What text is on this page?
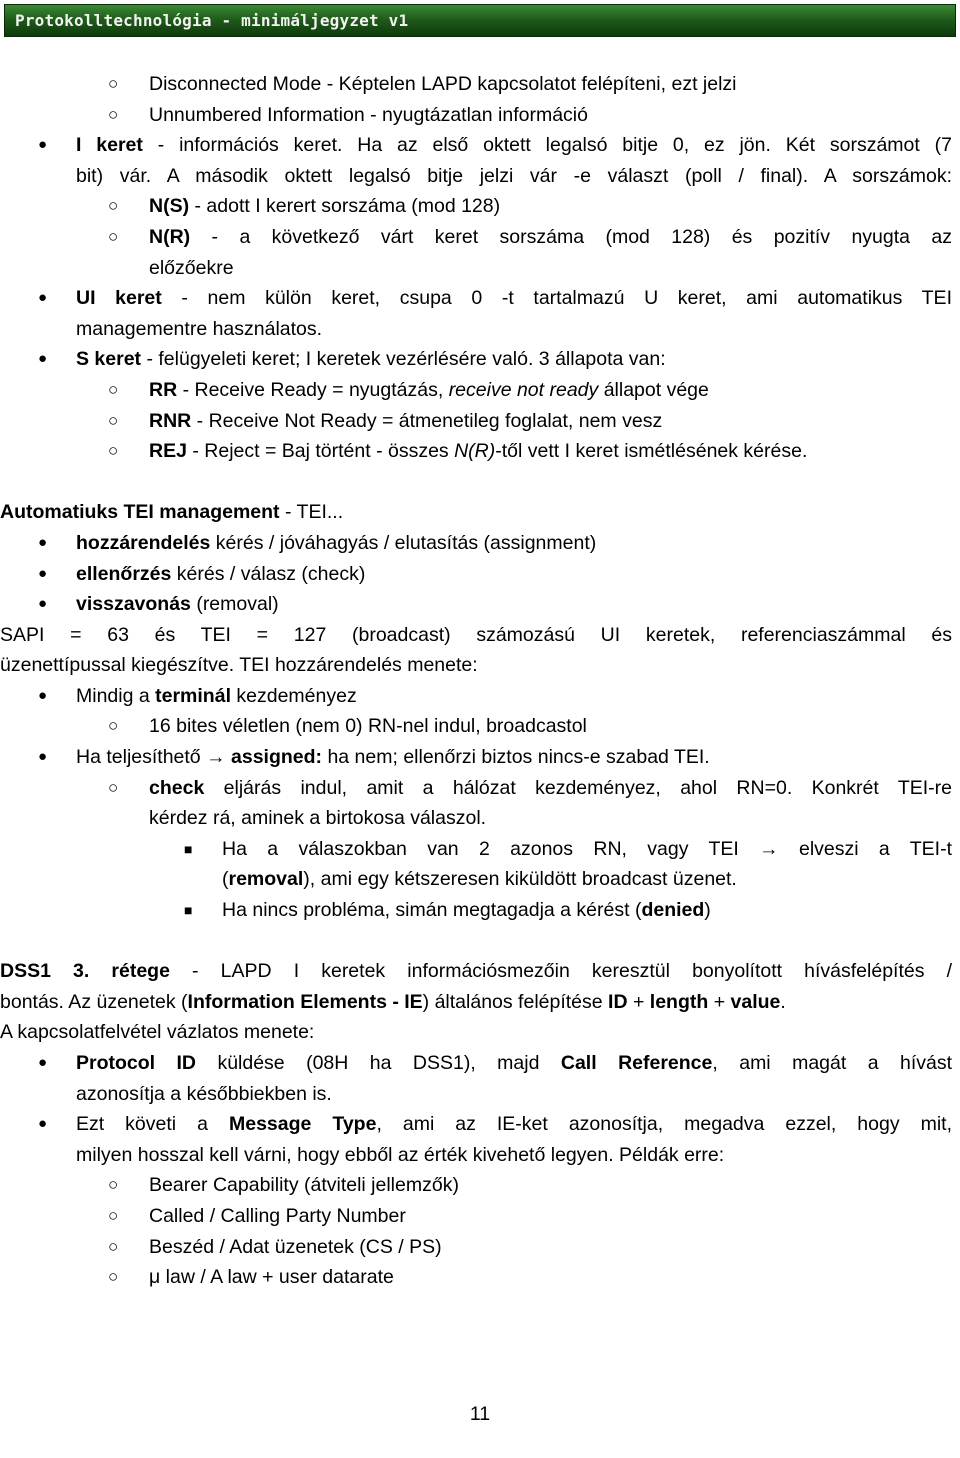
Protokolltechnológia - minimáljegyzet v1
○ Disconnected Mode - Képtelen LAPD kapcsolatot felépíteni, ezt jelzi
○ Unnumbered Information - nyugtázatlan információ
● I keret - információs keret. Ha az első oktett legalsó bitje 0, ez jön. Két sorszámot (7
bit) vár. A második oktett legalsó bitje jelzi vár -e választ (poll / final). A sorszámok:
○ N(S) - adott I kerert sorszáma (mod 128)
○ N(R) - a következő várt keret sorszáma (mod 128) és pozitív nyugta az
előzőekre
● UI keret - nem külön keret, csupa 0 -t tartalmazú U keret, ami automatikus TEI
managementre használatos.
● S keret - felügyeleti keret; I keretek vezérlésére való. 3 állapota van:
○ RR - Receive Ready = nyugtázás, receive not ready állapot vége
○ RNR - Receive Not Ready = átmenetileg foglalat, nem vesz
○ REJ - Reject = Baj történt - összes N(R)-től vett I keret ismétlésének kérése.
Automatiuks TEI management - TEI...
● hozzárendelés kérés / jóváhagyás / elutasítás (assignment)
● ellenőrzés kérés / válasz (check)
● visszavonás (removal)
SAPI = 63 és TEI = 127 (broadcast) számozású UI keretek, referenciaszámmal és
üzenettípussal kiegészítve. TEI hozzárendelés menete:
● Mindig a terminál kezdeményez
○ 16 bites véletlen (nem 0) RN-nel indul, broadcastol
● Ha teljesíthető → assigned: ha nem; ellenőrzi biztos nincs-e szabad TEI.
○ check eljárás indul, amit a hálózat kezdeményez, ahol RN=0. Konkrét TEI-re
kérdez rá, aminek a birtokosa válaszol.
■ Ha a válaszokban van 2 azonos RN, vagy TEI → elveszi a TEI-t
(removal), ami egy kétszeresen kiküldött broadcast üzenet.
■ Ha nincs probléma, simán megtagadja a kérést (denied)
DSS1 3. rétege - LAPD I keretek információsmezőin keresztül bonyolított hívásfelépítés /
bontás. Az üzenetek (Information Elements - IE) általános felépítése ID + length + value.
A kapcsolatfelvétel vázlatos menete:
● Protocol ID küldése (08H ha DSS1), majd Call Reference, ami magát a hívást
azonosítja a későbbiekben is.
● Ezt követi a Message Type, ami az IE-ket azonosítja, megadva ezzel, hogy mit,
milyen hosszal kell várni, hogy ebből az érték kivehető legyen. Példák erre:
○ Bearer Capability (átviteli jellemzők)
○ Called / Calling Party Number
○ Beszéd / Adat üzenetek (CS / PS)
○ μ law / A law + user datarate
11
